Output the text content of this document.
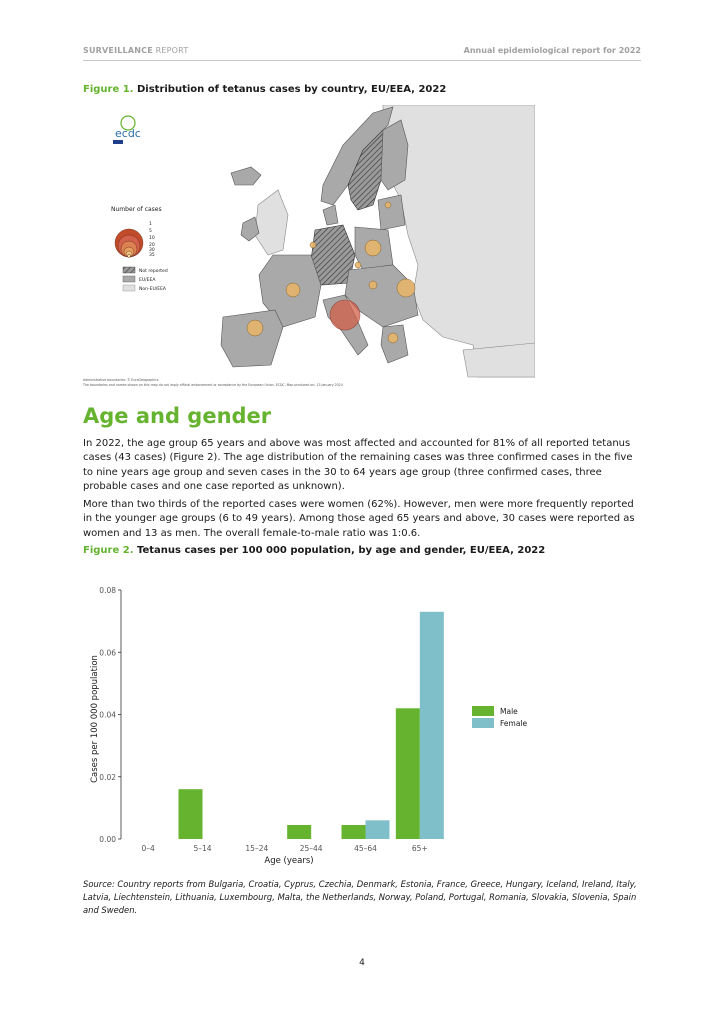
SURVEILLANCE REPORT	Annual epidemiological report for 2022
Figure 1. Distribution of tetanus cases by country, EU/EEA, 2022
ecdc
Number of cases
1
5
10
20
30
35
Not reported
EU/EEA
Non-EU/EEA
Administrative boundaries: © EuroGeographics
The boundaries and names shown on this map do not imply official endorsement or acceptance by the European Union. ECDC. Map produced on: 13 January 2024
Age and gender

In 2022, the age group 65 years and above was most affected and accounted for 81% of all reported tetanus cases (43 cases) (Figure 2). The age distribution of the remaining cases was three confirmed cases in the five to nine years age group and seven cases in the 30 to 64 years age group (three confirmed cases, three probable cases and one case reported as unknown).

More than two thirds of the reported cases were women (62%). However, men were more frequently reported in the younger age groups (6 to 49 years). Among those aged 65 years and above, 30 cases were reported as women and 13 as men. The overall female-to-male ratio was 1:0.6.

Figure 2. Tetanus cases per 100 000 population, by age and gender, EU/EEA, 2022
Cases per 100 000 population
Age (years)
0.00
0.02
0.04
0.06
0.08
0–4	5–14	15–24	25–44	45–64	65+
Male
Female
Source: Country reports from Bulgaria, Croatia, Cyprus, Czechia, Denmark, Estonia, France, Greece, Hungary, Iceland, Ireland, Italy, Latvia, Liechtenstein, Lithuania, Luxembourg, Malta, the Netherlands, Norway, Poland, Portugal, Romania, Slovakia, Slovenia, Spain and Sweden.
4
